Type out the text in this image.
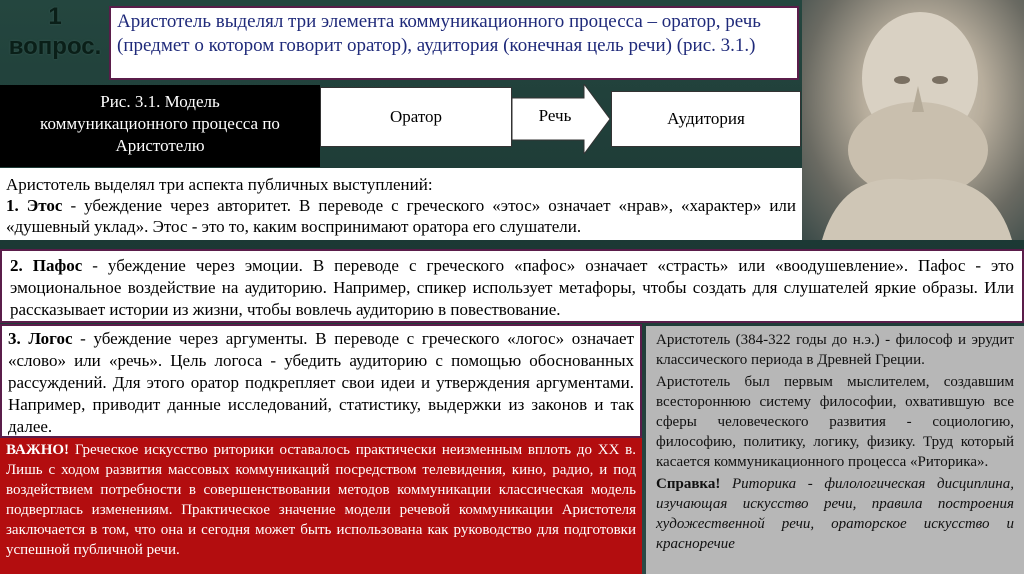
1
вопрос.
Аристотель выделял три элемента коммуникационного процесса – оратор, речь (предмет о котором говорит оратор), аудитория (конечная цель речи) (рис. 3.1.)
Рис. 3.1. Модель
коммуникационного процесса по
Аристотелю
Оратор	Речь	Аудитория
Аристотель выделял три аспекта публичных выступлений:
1. Этос - убеждение через авторитет. В переводе с греческого «этос» означает «нрав», «характер» или «душевный уклад». Этос - это то, каким воспринимают оратора его слушатели.
2. Пафос - убеждение через эмоции. В переводе с греческого «пафос» означает «страсть» или «воодушевление». Пафос - это эмоциональное воздействие на аудиторию. Например, спикер использует метафоры, чтобы создать для слушателей яркие образы. Или рассказывает истории из жизни, чтобы вовлечь аудиторию в повествование.
3. Логос - убеждение через аргументы. В переводе с греческого «логос» означает «слово» или «речь». Цель логоса - убедить аудиторию с помощью обоснованных рассуждений. Для этого оратор подкрепляет свои идеи и утверждения аргументами. Например, приводит данные исследований, статистику, выдержки из законов и так далее.
ВАЖНО! Греческое искусство риторики оставалось практически неизменным вплоть до ХХ в. Лишь с ходом развития массовых коммуникаций посредством телевидения, кино, радио, и под воздействием потребности в совершенствовании методов коммуникации классическая модель подверглась изменениям. Практическое значение модели речевой коммуникации Аристотеля заключается в том, что она и сегодня может быть использована как руководство для подготовки успешной публичной речи.

Аристотель (384-322 годы до н.э.) - философ и эрудит классического периода в Древней Греции.

Аристотель был первым мыслителем, создавшим всестороннюю систему философии, охватившую все сферы человеческого развития - социологию, философию, политику, логику, физику. Труд который касается коммуникационного процесса «Риторика».

Справка! Риторика - филологическая дисциплина, изучающая искусство речи, правила построения художественной речи, ораторское искусство и красноречие
